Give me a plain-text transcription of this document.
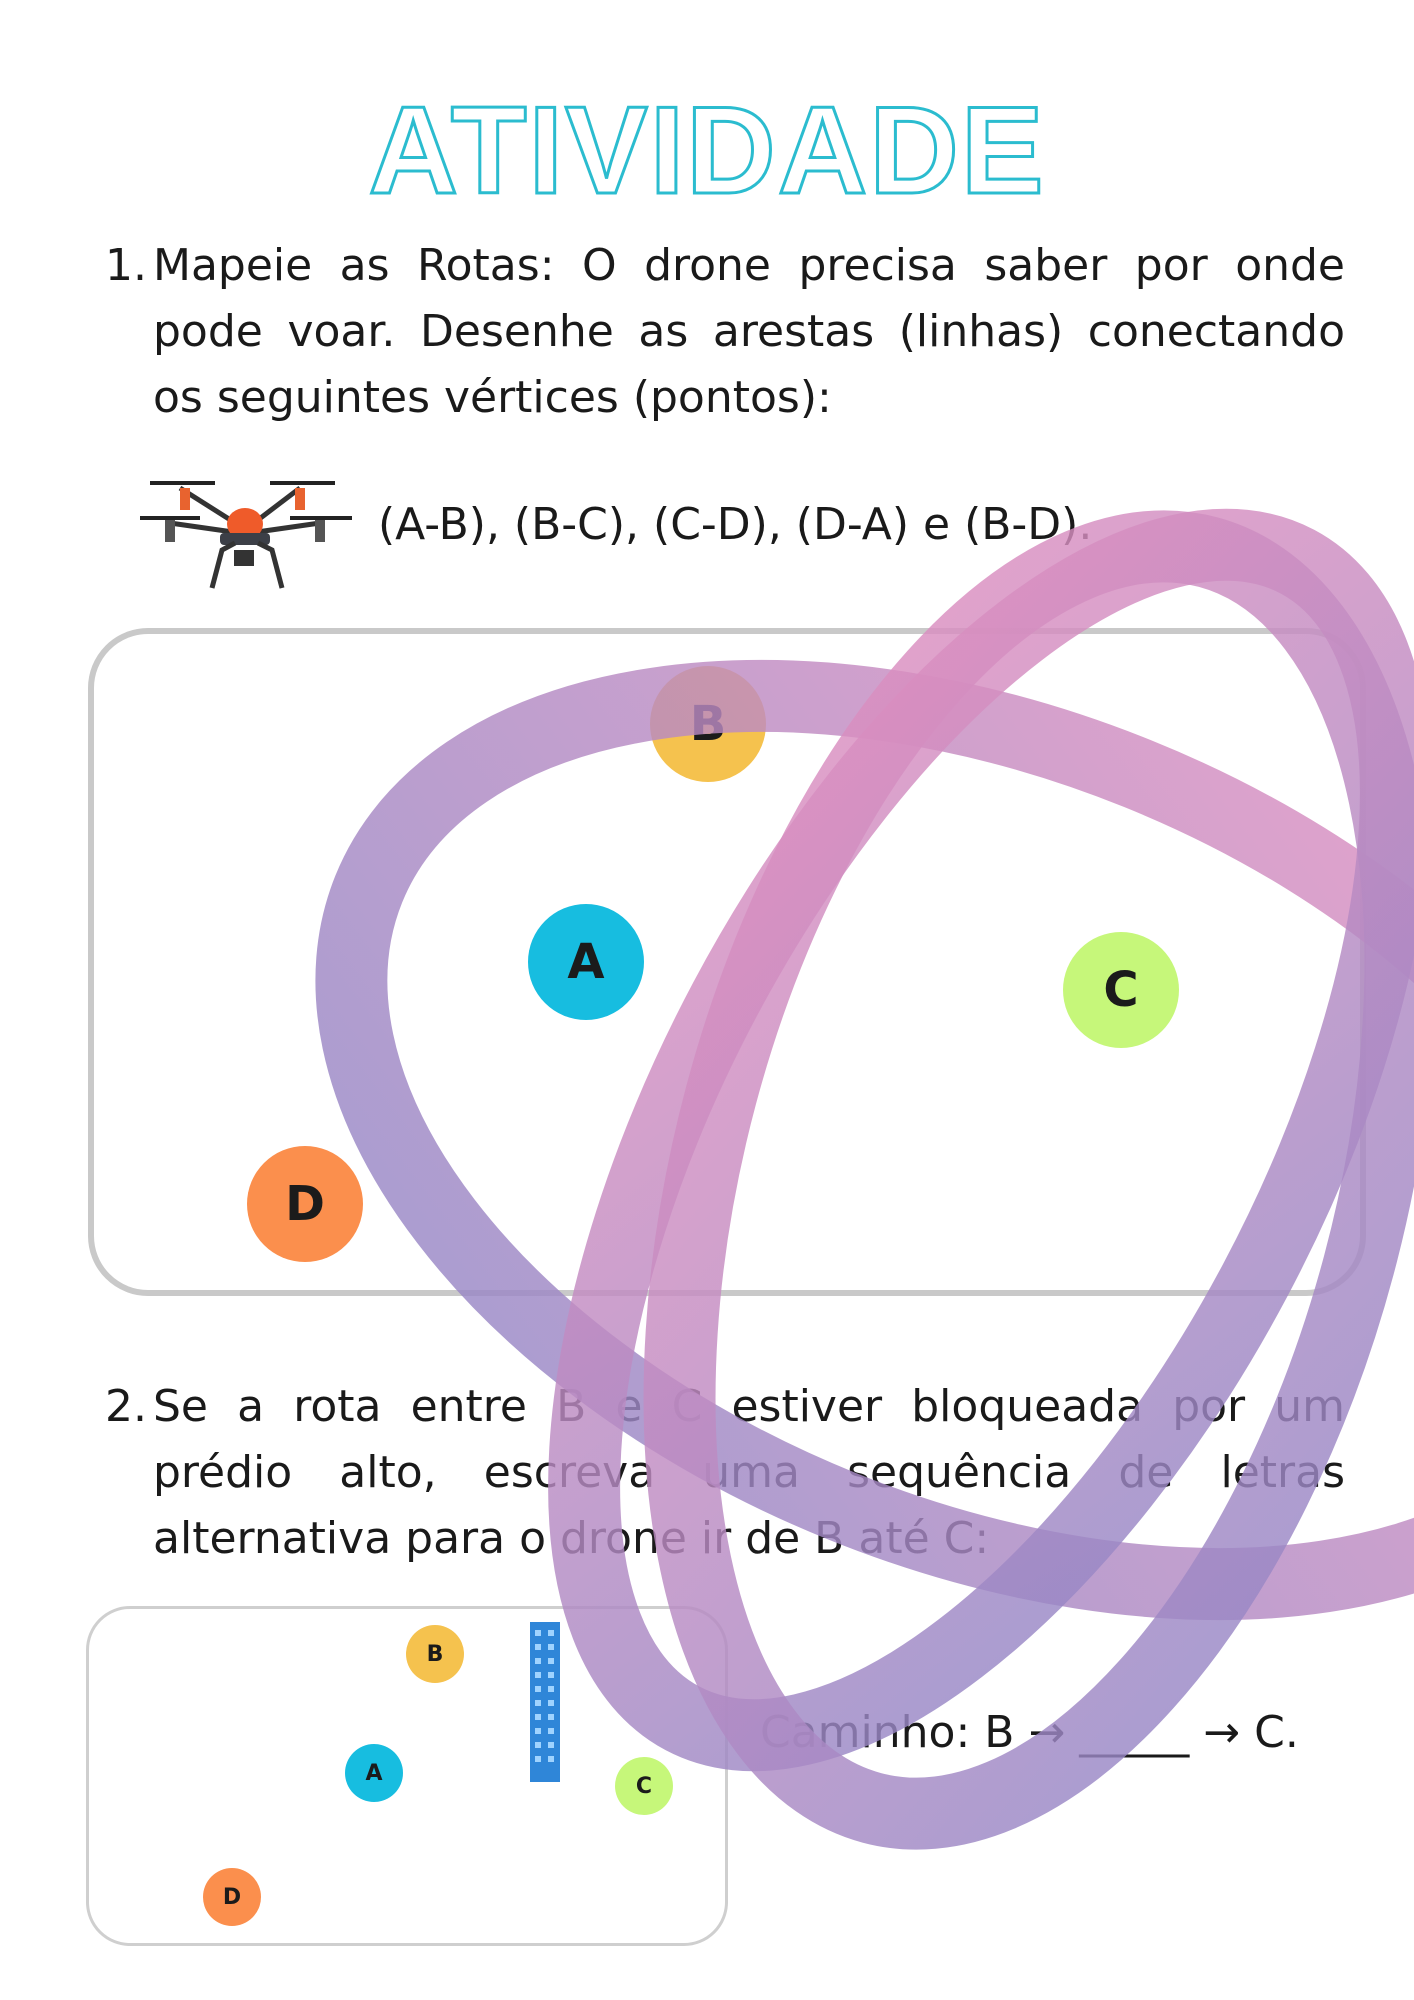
ATIVIDADE
1. Mapeie as Rotas: O drone precisa saber por onde pode voar. Desenhe as arestas (linhas) conectando os seguintes vértices (pontos):
(A-B), (B-C), (C-D), (D-A) e (B-D).
B
A	C
D
2. Se a rota entre B e C estiver bloqueada por um prédio alto, escreva uma sequência de letras alternativa para o drone ir de B até C:
B
A
C
D
Caminho: B → _____ → C.
